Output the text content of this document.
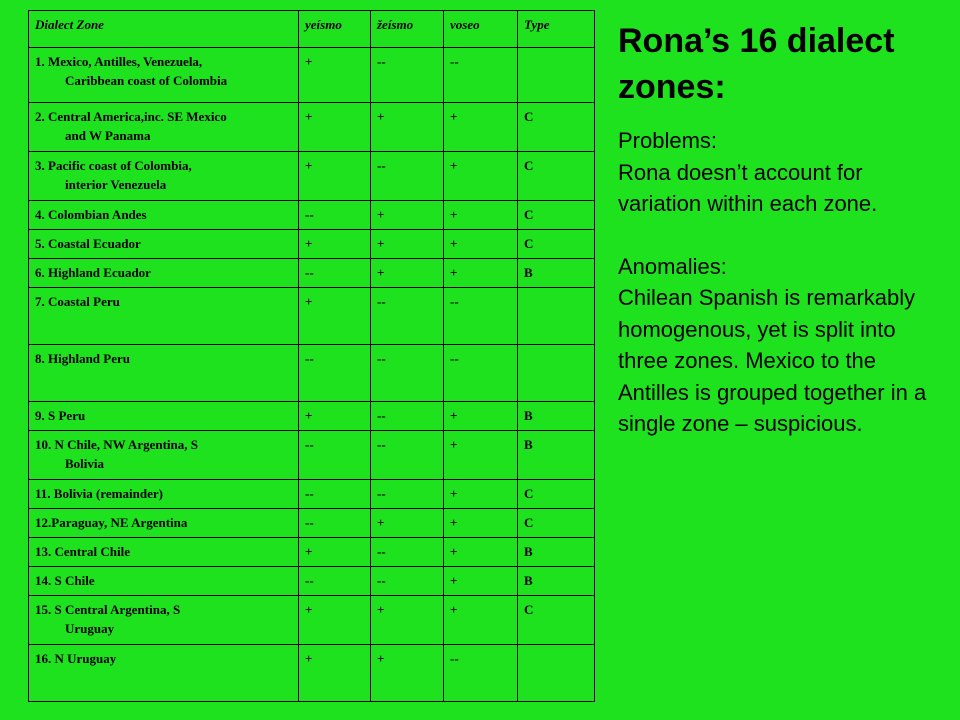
Dialect Zone	yeísmo	žeísmo	voseo	Type

1. Mexico, Antilles, Venezuela,
Caribbean coast of Colombia	+	--	--	

2. Central America,inc. SE Mexico
and W Panama	+	+	+	C

3. Pacific coast of Colombia,
interior Venezuela	+	--	+	C

4. Colombian Andes	--	+	+	C

5. Coastal Ecuador	+	+	+	C

6. Highland Ecuador	--	+	+	B

7. Coastal Peru	+	--	--	

8. Highland Peru	--	--	--	

9. S Peru	+	--	+	B

10. N Chile, NW Argentina, S
Bolivia	--	--	+	B

11. Bolivia (remainder)	--	--	+	C

12.Paraguay, NE Argentina	--	+	+	C

13. Central Chile	+	--	+	B

14. S Chile	--	--	+	B

15. S Central Argentina, S
Uruguay	+	+	+	C

16. N Uruguay	+	+	--	
Rona’s 16 dialect zones:

Problems:

Rona doesn’t account for variation within each zone.

Anomalies:

Chilean Spanish is remarkably homogenous, yet is split into three zones. Mexico to the Antilles is grouped together in a single zone – suspicious.
